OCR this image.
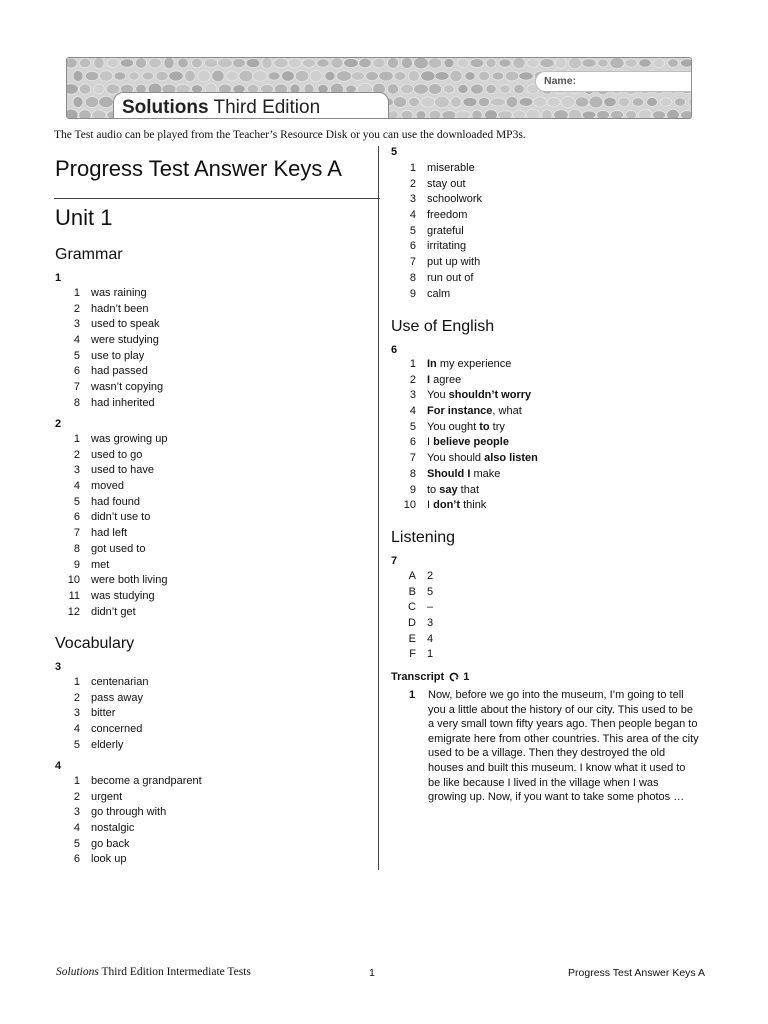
Name:
Solutions Third Edition
The Test audio can be played from the Teacher’s Resource Disk or you can use the downloaded MP3s.
Progress Test Answer Keys A
Unit 1
Grammar
1
1 was raining
2 hadn’t been
3 used to speak
4 were studying
5 use to play
6 had passed
7 wasn’t copying
8 had inherited
2
1 was growing up
2 used to go
3 used to have
4 moved
5 had found
6 didn’t use to
7 had left
8 got used to
9 met
10 were both living
11 was studying
12 didn’t get
Vocabulary
3
1 centenarian
2 pass away
3 bitter
4 concerned
5 elderly
4
1 become a grandparent
2 urgent
3 go through with
4 nostalgic
5 go back
6 look up
5
1 miserable
2 stay out
3 schoolwork
4 freedom
5 grateful
6 irritating
7 put up with
8 run out of
9 calm
Use of English
6
1 In my experience
2 I agree
3 You shouldn’t worry
4 For instance, what
5 You ought to try
6 I believe people
7 You should also listen
8 Should I make
9 to say that
10 I don’t think
Listening
7
A 2
B 5
C –
D 3
E 4
F 1
Transcript 1
1 Now, before we go into the museum, I’m going to tell you a little about the history of our city. This used to be a very small town fifty years ago. Then people began to emigrate here from other countries. This area of the city used to be a village. Then they destroyed the old houses and built this museum. I know what it used to be like because I lived in the village when I was growing up. Now, if you want to take some photos …
Solutions Third Edition Intermediate Tests	1	Progress Test Answer Keys A
